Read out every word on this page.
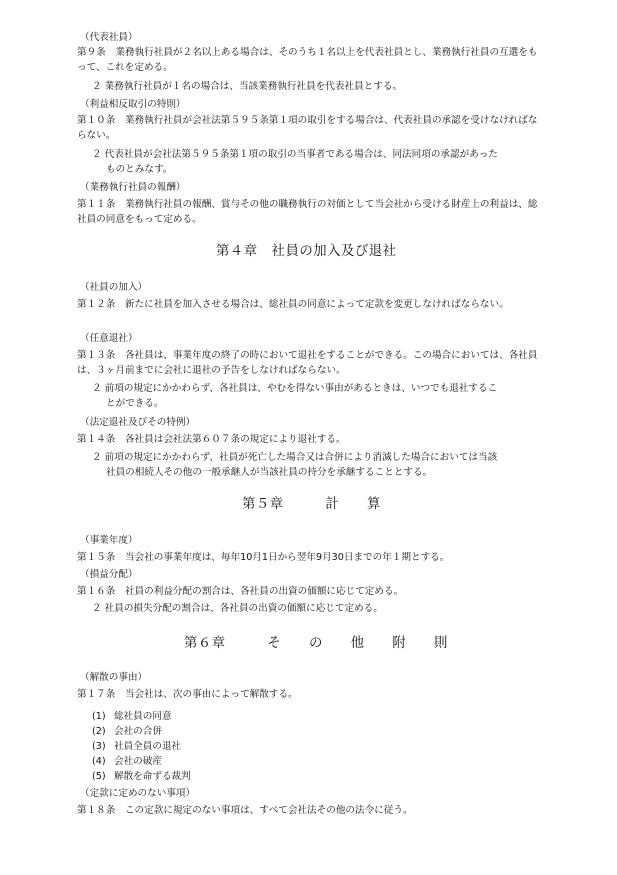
（代表社員）
第９条　業務執行社員が２名以上ある場合は、そのうち１名以上を代表社員とし、業務執行社員の互選をもって、これを定める。
２ 業務執行社員が１名の場合は、当該業務執行社員を代表社員とする。
（利益相反取引の特則）
第１０条　業務執行社員が会社法第５９５条第１項の取引をする場合は、代表社員の承認を受けなければならない。
２ 代表社員が会社法第５９５条第１項の取引の当事者である場合は、同法同項の承認があった
ものとみなす。
（業務執行社員の報酬）
第１１条　業務執行社員の報酬、賞与その他の職務執行の対価として当会社から受ける財産上の利益は、総社員の同意をもって定める。
第４章　社員の加入及び退社
（社員の加入）
第１２条　新たに社員を加入させる場合は、総社員の同意によって定款を変更しなければならない。
（任意退社）
第１３条　各社員は、事業年度の終了の時において退社をすることができる。この場合においては、各社員は、３ヶ月前までに会社に退社の予告をしなければならない。
２ 前項の規定にかかわらず、各社員は、やむを得ない事由があるときは、いつでも退社するこ
とができる。
（法定退社及びその特例）
第１４条　各社員は会社法第６０７条の規定により退社する。
２ 前項の規定にかかわらず、社員が死亡した場合又は合併により消滅した場合においては当該
社員の相続人その他の一般承継人が当該社員の持分を承継することとする。
第５章　　　計　　算
（事業年度）
第１５条　当会社の事業年度は、毎年10月1日から翌年9月30日までの年１期とする。
（損益分配）
第１６条　社員の利益分配の割合は、各社員の出資の価額に応じて定める。
２ 社員の損失分配の割合は、各社員の出資の価額に応じて定める。
第６章　　　そ　　の　　他　　附　　則
（解散の事由）
第１７条　当会社は、次の事由によって解散する。
(1) 総社員の同意
(2) 会社の合併
(3) 社員全員の退社
(4) 会社の破産
(5) 解散を命ずる裁判
（定款に定めのない事項）
第１８条　この定款に規定のない事項は、すべて会社法その他の法令に従う。
